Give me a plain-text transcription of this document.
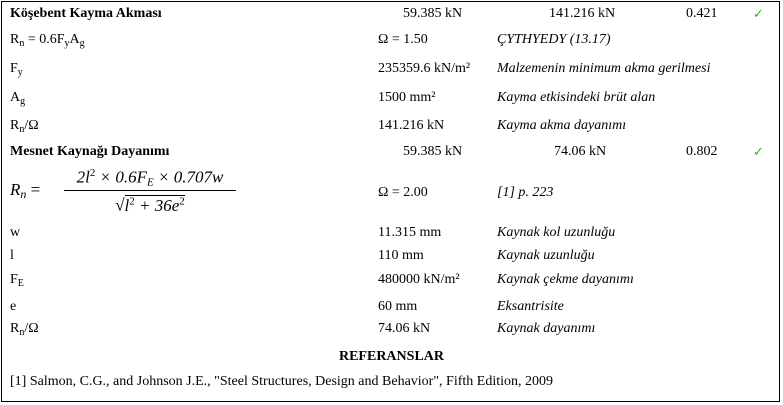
Köşebent Kayma Akması	59.385 kN	141.216 kN	0.421	✓
$R_n = 0.6F_yA_g$	Ω = 1.50	ÇYTHYEDY (13.17)
$F_y$	235359.6 kN/m² Malzemenin minimum akma gerilmesi
$A_g$	1500 mm²	Kayma etkisindeki brüt alan
$R_n/\Omega$	141.216 kN	Kayma akma dayanımı
Mesnet Kaynağı Dayanımı	59.385 kN	74.06 kN	0.802	✓
$R_n$ =
$2l^2 \times 0.6F_E \times 0.707w$
$√l^2 + 36e^2$
Ω = 2.00	[1] p. 223
w	11.315 mm	Kaynak kol uzunluğu
l	110 mm	Kaynak uzunluğu
$F_E$	480000 kN/m²	Kaynak çekme dayanımı
e	60 mm	Eksantrisite
$R_n/\Omega$	74.06 kN	Kaynak dayanımı
REFERANSLAR
[1] Salmon, C.G., and Johnson J.E., "Steel Structures, Design and Behavior", Fifth Edition, 2009
